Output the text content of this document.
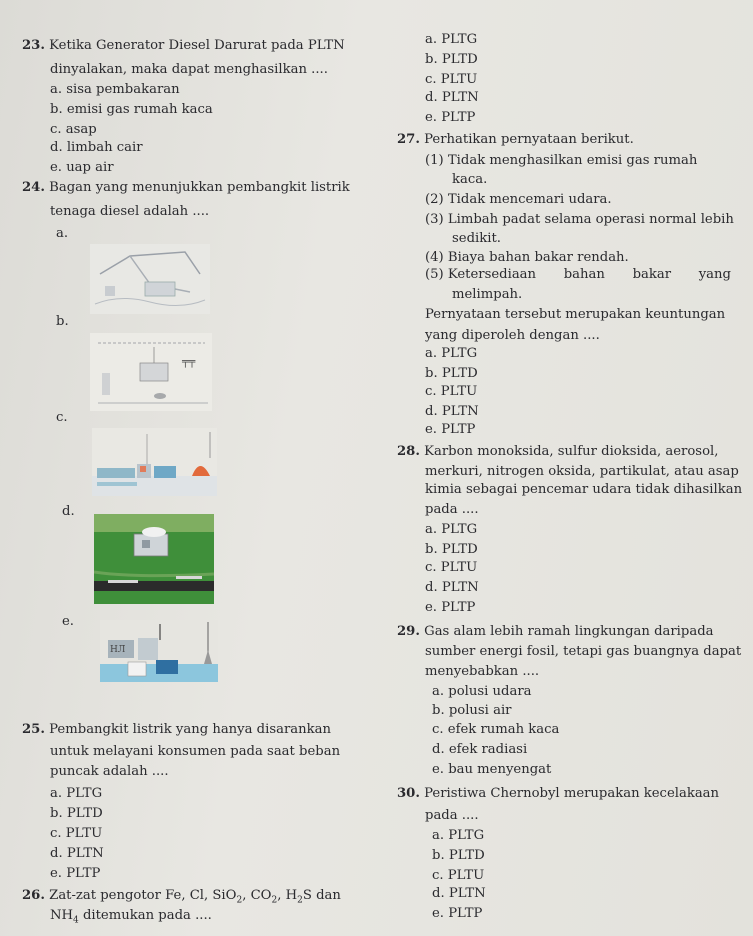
23. Ketika Generator Diesel Darurat pada PLTN
dinyalakan, maka dapat menghasilkan ....
a. sisa pembakaran
b. emisi gas rumah kaca
c. asap
d. limbah cair
e. uap air
a. PLTG
b. PLTD
c. PLTU
d. PLTN
e. PLTP
24. Bagan yang menunjukkan pembangkit listrik
tenaga diesel adalah ....
a.
b.
╤╤
c.
d.
e.
HЛ
25. Pembangkit listrik yang hanya disarankan
untuk melayani konsumen pada saat beban
puncak adalah ....
a. PLTG
b. PLTD
c. PLTU
d. PLTN
e. PLTP
26. Zat-zat pengotor Fe, Cl, SiO$_2$, $CO_2$, $H_2S$ dan
$NH_4$ ditemukan pada ....
27. Perhatikan pernyataan berikut.
(1) Tidak menghasilkan emisi gas rumah
kaca.
(2) Tidak mencemari udara.
(3) Limbah padat selama operasi normal lebih
sedikit.
(4) Biaya bahan bakar rendah.
(5) Ketersediaan bahan bakar yang
melimpah.
Pernyataan tersebut merupakan keuntungan
yang diperoleh dengan ....
a. PLTG
b. PLTD
c. PLTU
d. PLTN
e. PLTP
28. Karbon monoksida, sulfur dioksida, aerosol,
merkuri, nitrogen oksida, partikulat, atau asap
kimia sebagai pencemar udara tidak dihasilkan
pada ....
a. PLTG
b. PLTD
c. PLTU
d. PLTN
e. PLTP
29. Gas alam lebih ramah lingkungan daripada
sumber energi fosil, tetapi gas buangnya dapat
menyebabkan ....
a. polusi udara
b. polusi air
c. efek rumah kaca
d. efek radiasi
e. bau menyengat
30. Peristiwa Chernobyl merupakan kecelakaan
pada ....
a. PLTG
b. PLTD
c. PLTU
d. PLTN
e. PLTP
